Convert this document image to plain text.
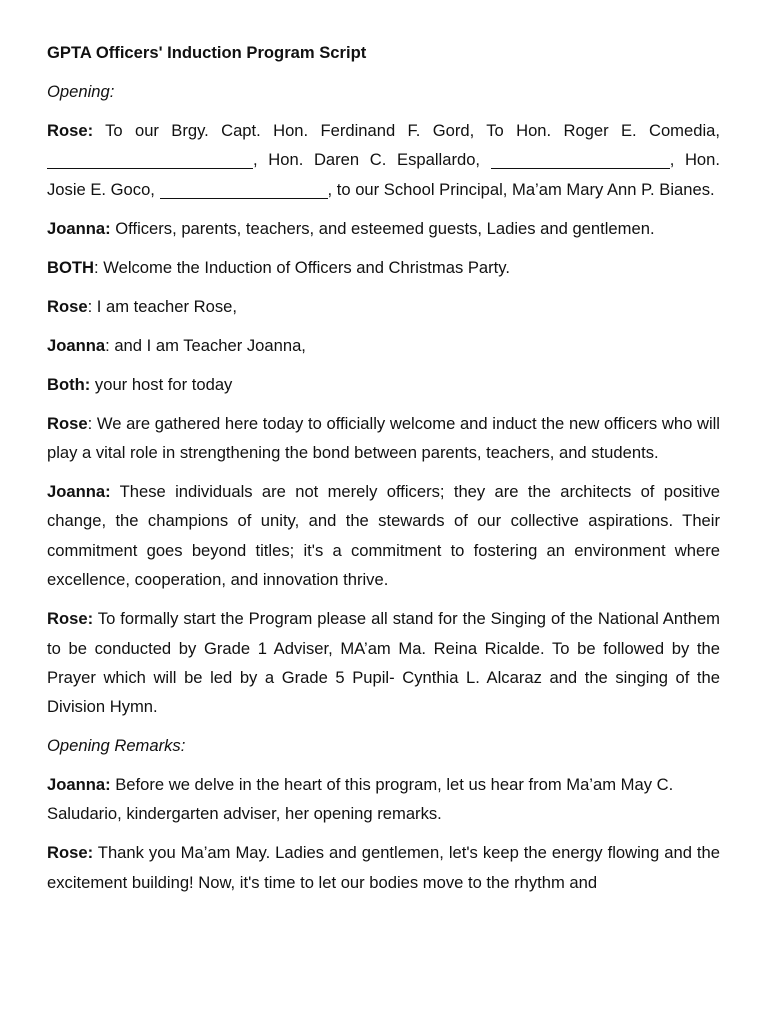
GPTA Officers' Induction Program Script
Opening:
Rose: To our Brgy. Capt. Hon. Ferdinand F. Gord, To Hon. Roger E. Comedia, , Hon. Daren C. Espallardo,	, Hon. Josie E. Goco,	, to our School Principal, Ma’am Mary Ann P. Bianes.
Joanna: Officers, parents, teachers, and esteemed guests, Ladies and gentlemen.
BOTH: Welcome the Induction of Officers and Christmas Party.
Rose: I am teacher Rose,
Joanna: and I am Teacher Joanna,
Both: your host for today
Rose: We are gathered here today to officially welcome and induct the new officers who will play a vital role in strengthening the bond between parents, teachers, and students.
Joanna: These individuals are not merely officers; they are the architects of positive change, the champions of unity, and the stewards of our collective aspirations. Their commitment goes beyond titles; it's a commitment to fostering an environment where excellence, cooperation, and innovation thrive.
Rose: To formally start the Program please all stand for the Singing of the National Anthem to be conducted by Grade 1 Adviser, MA’am Ma. Reina Ricalde. To be followed by the Prayer which will be led by a Grade 5 Pupil- Cynthia L. Alcaraz and the singing of the Division Hymn.
Opening Remarks:
Joanna: Before we delve in the heart of this program, let us hear from Ma’am May C. Saludario, kindergarten adviser, her opening remarks.
Rose: Thank you Ma’am May. Ladies and gentlemen, let's keep the energy flowing and the excitement building! Now, it's time to let our bodies move to the rhythm and
